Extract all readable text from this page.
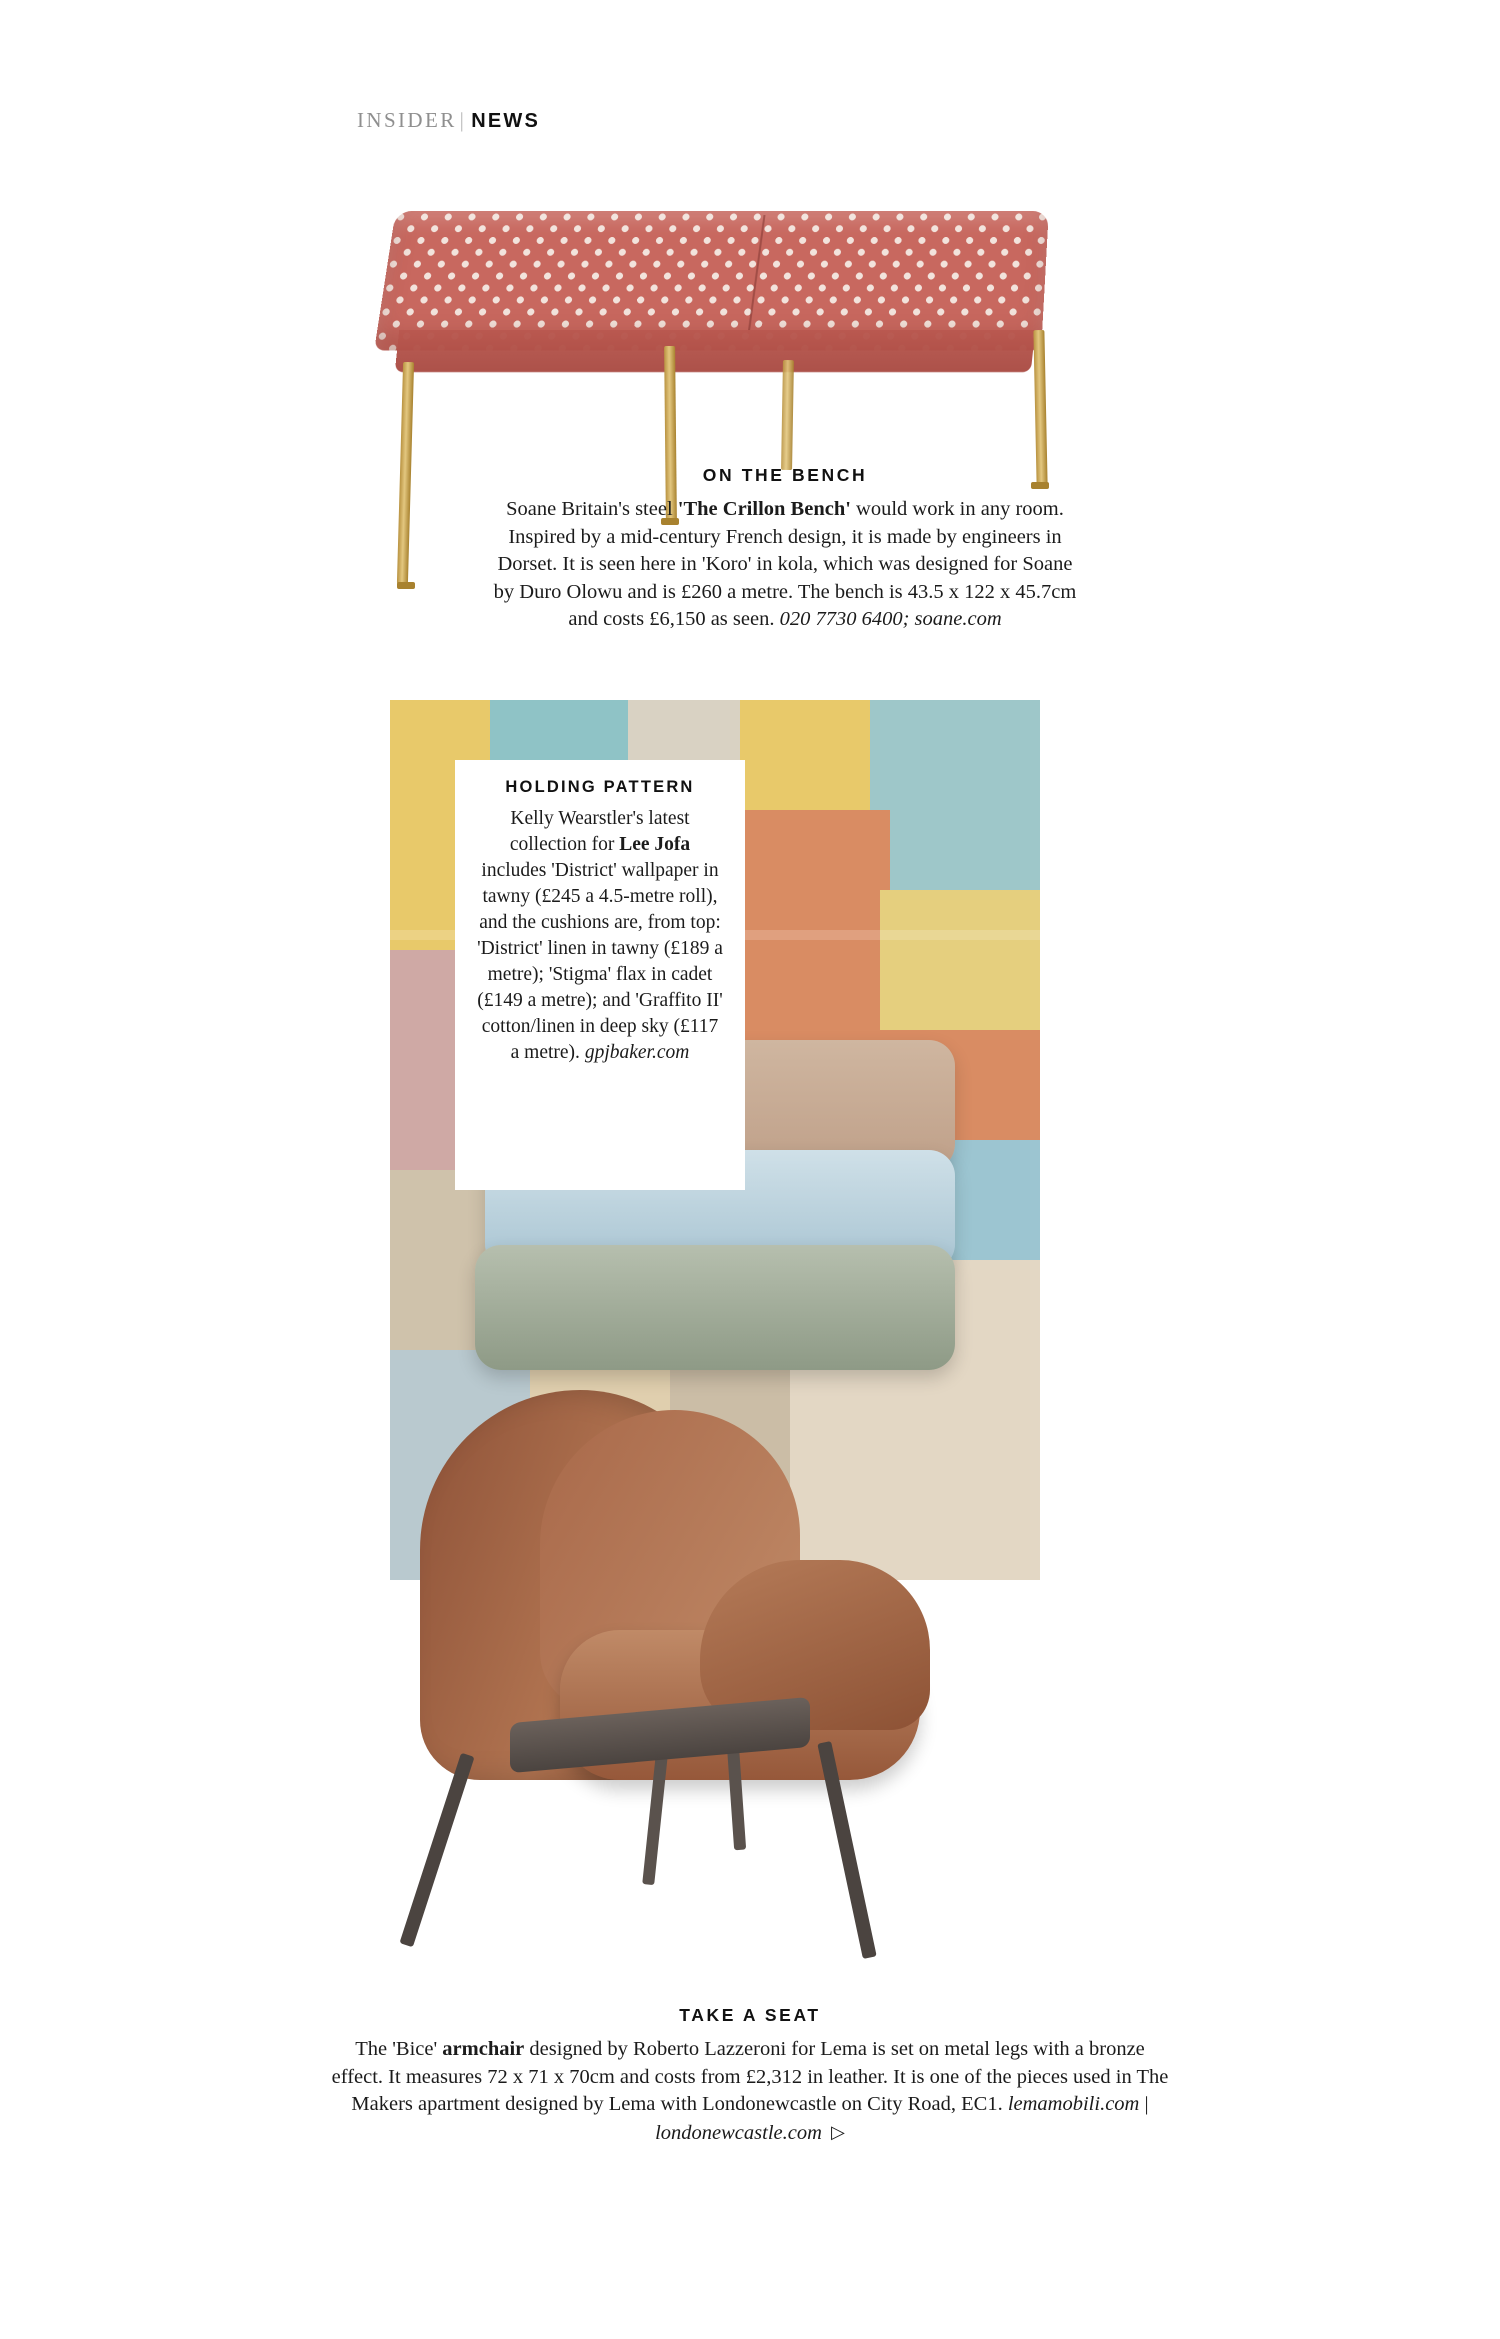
INSIDER | NEWS
ON THE BENCH
Soane Britain's steel 'The Crillon Bench' would work in any room. Inspired by a mid-century French design, it is made by engineers in Dorset. It is seen here in 'Koro' in kola, which was designed for Soane by Duro Olowu and is £260 a metre. The bench is 43.5 x 122 x 45.7cm and costs £6,150 as seen. 020 7730 6400; soane.com
HOLDING PATTERN
Kelly Wearstler's latest collection for Lee Jofa includes 'District' wallpaper in tawny (£245 a 4.5-metre roll), and the cushions are, from top: 'District' linen in tawny (£189 a metre); 'Stigma' flax in cadet (£149 a metre); and 'Graffito II' cotton/linen in deep sky (£117 a metre). gpjbaker.com
TAKE A SEAT
The 'Bice' armchair designed by Roberto Lazzeroni for Lema is set on metal legs with a bronze effect. It measures 72 x 71 x 70cm and costs from £2,312 in leather. It is one of the pieces used in The Makers apartment designed by Lema with Londonewcastle on City Road, EC1. lemamobili.com | londonewcastle.com ▷
